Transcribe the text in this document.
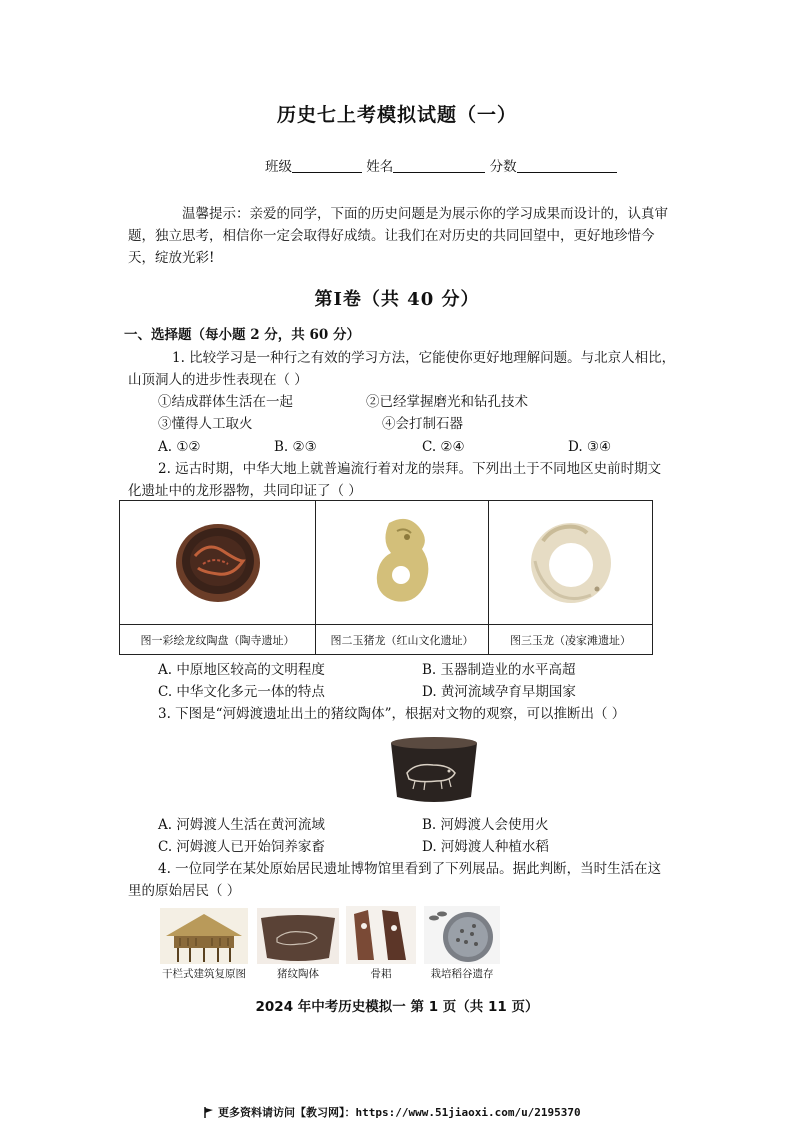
历史七上考模拟试题（一）
班级	姓名	分数
温馨提示：亲爱的同学，下面的历史问题是为展示你的学习成果而设计的，认真审
题，独立思考，相信你一定会取得好成绩。让我们在对历史的共同回望中，更好地珍惜今
天，绽放光彩!
第Ⅰ卷（共 40 分）
一、选择题（每小题 2 分，共 60 分）
1. 比较学习是一种行之有效的学习方法，它能使你更好地理解问题。与北京人相比，
山顶洞人的进步性表现在（ ）
①结成群体生活在一起	②已经掌握磨光和钻孔技术
③懂得人工取火	④会打制石器
A. ①②	B. ②③	C. ②④	D. ③④
2. 远古时期，中华大地上就普遍流行着对龙的崇拜。下列出土于不同地区史前时期文
化遗址中的龙形器物，共同印证了（ ）

图一彩绘龙纹陶盘（陶寺遗址）	图二玉猪龙（红山文化遗址）	图三玉龙（凌家滩遗址）
A. 中原地区较高的文明程度	B. 玉器制造业的水平高超
C. 中华文化多元一体的特点	D. 黄河流域孕育早期国家
3. 下图是“河姆渡遗址出土的猪纹陶体”，根据对文物的观察，可以推断出（ ）
A. 河姆渡人生活在黄河流域	B. 河姆渡人会使用火
C. 河姆渡人已开始饲养家畜	D. 河姆渡人种植水稻
4. 一位同学在某处原始居民遗址博物馆里看到了下列展品。据此判断，当时生活在这
里的原始居民（ ）
干栏式建筑复原图	猪纹陶体	骨耜	栽培稻谷遗存
2024 年中考历史模拟一 第 1 页（共 11 页）
更多资料请访问【教习网】：https://www.51jiaoxi.com/u/2195370
